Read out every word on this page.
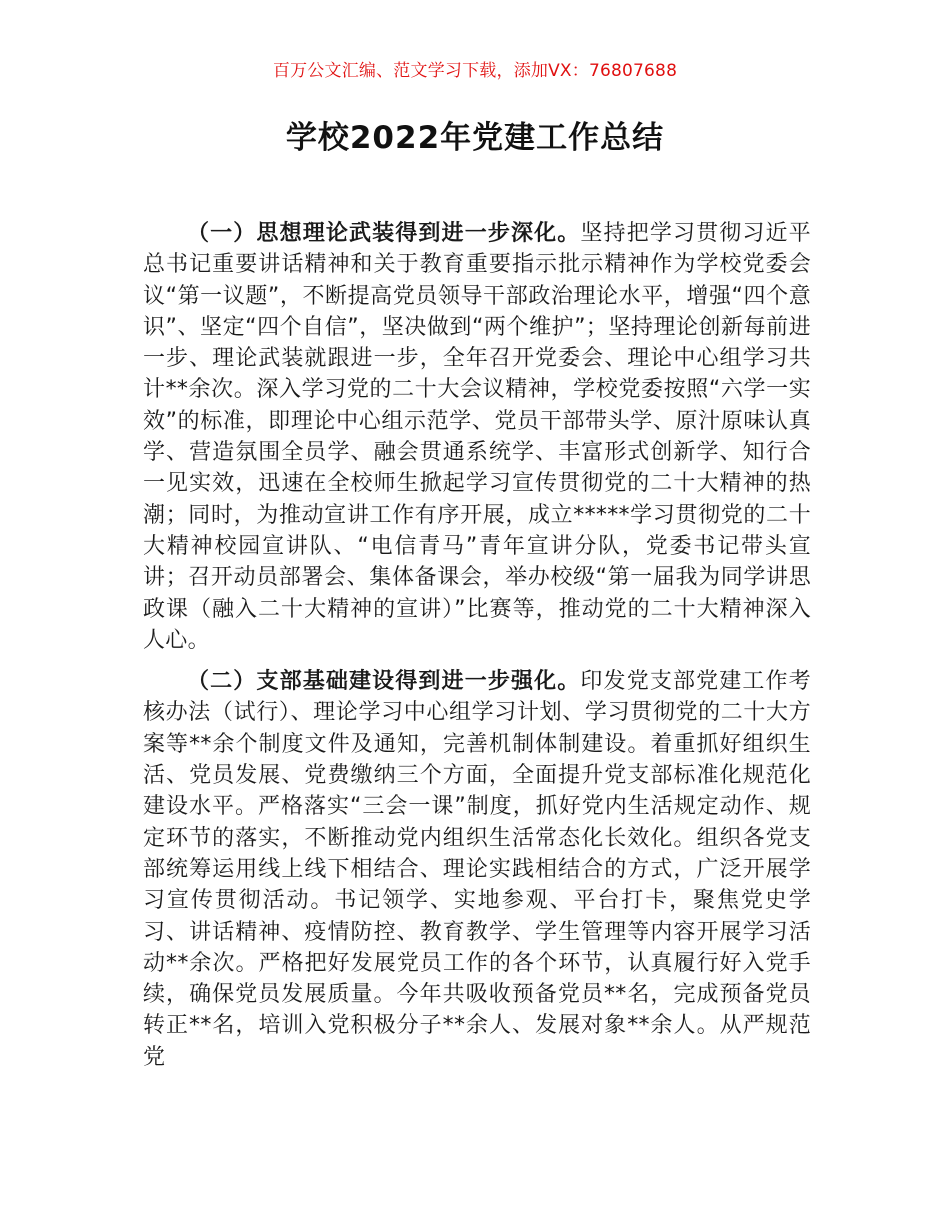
百万公文汇编、范文学习下载，添加VX：76807688
学校2022年党建工作总结

（一）思想理论武装得到进一步深化。坚持把学习贯彻习近平总书记重要讲话精神和关于教育重要指示批示精神作为学校党委会议“第一议题”，不断提高党员领导干部政治理论水平，增强“四个意识”、坚定“四个自信”，坚决做到“两个维护”；坚持理论创新每前进一步、理论武装就跟进一步，全年召开党委会、理论中心组学习共计**余次。深入学习党的二十大会议精神，学校党委按照“六学一实效”的标准，即理论中心组示范学、党员干部带头学、原汁原味认真学、营造氛围全员学、融会贯通系统学、丰富形式创新学、知行合一见实效，迅速在全校师生掀起学习宣传贯彻党的二十大精神的热潮；同时，为推动宣讲工作有序开展，成立*****学习贯彻党的二十大精神校园宣讲队、“电信青马”青年宣讲分队，党委书记带头宣讲；召开动员部署会、集体备课会，举办校级“第一届我为同学讲思政课（融入二十大精神的宣讲）”比赛等，推动党的二十大精神深入人心。

（二）支部基础建设得到进一步强化。印发党支部党建工作考核办法（试行）、理论学习中心组学习计划、学习贯彻党的二十大方案等**余个制度文件及通知，完善机制体制建设。着重抓好组织生活、党员发展、党费缴纳三个方面，全面提升党支部标准化规范化建设水平。严格落实“三会一课”制度，抓好党内生活规定动作、规定环节的落实，不断推动党内组织生活常态化长效化。组织各党支部统筹运用线上线下相结合、理论实践相结合的方式，广泛开展学习宣传贯彻活动。书记领学、实地参观、平台打卡，聚焦党史学习、讲话精神、疫情防控、教育教学、学生管理等内容开展学习活动**余次。严格把好发展党员工作的各个环节，认真履行好入党手续，确保党员发展质量。今年共吸收预备党员**名，完成预备党员转正**名，培训入党积极分子**余人、发展对象**余人。从严规范党
